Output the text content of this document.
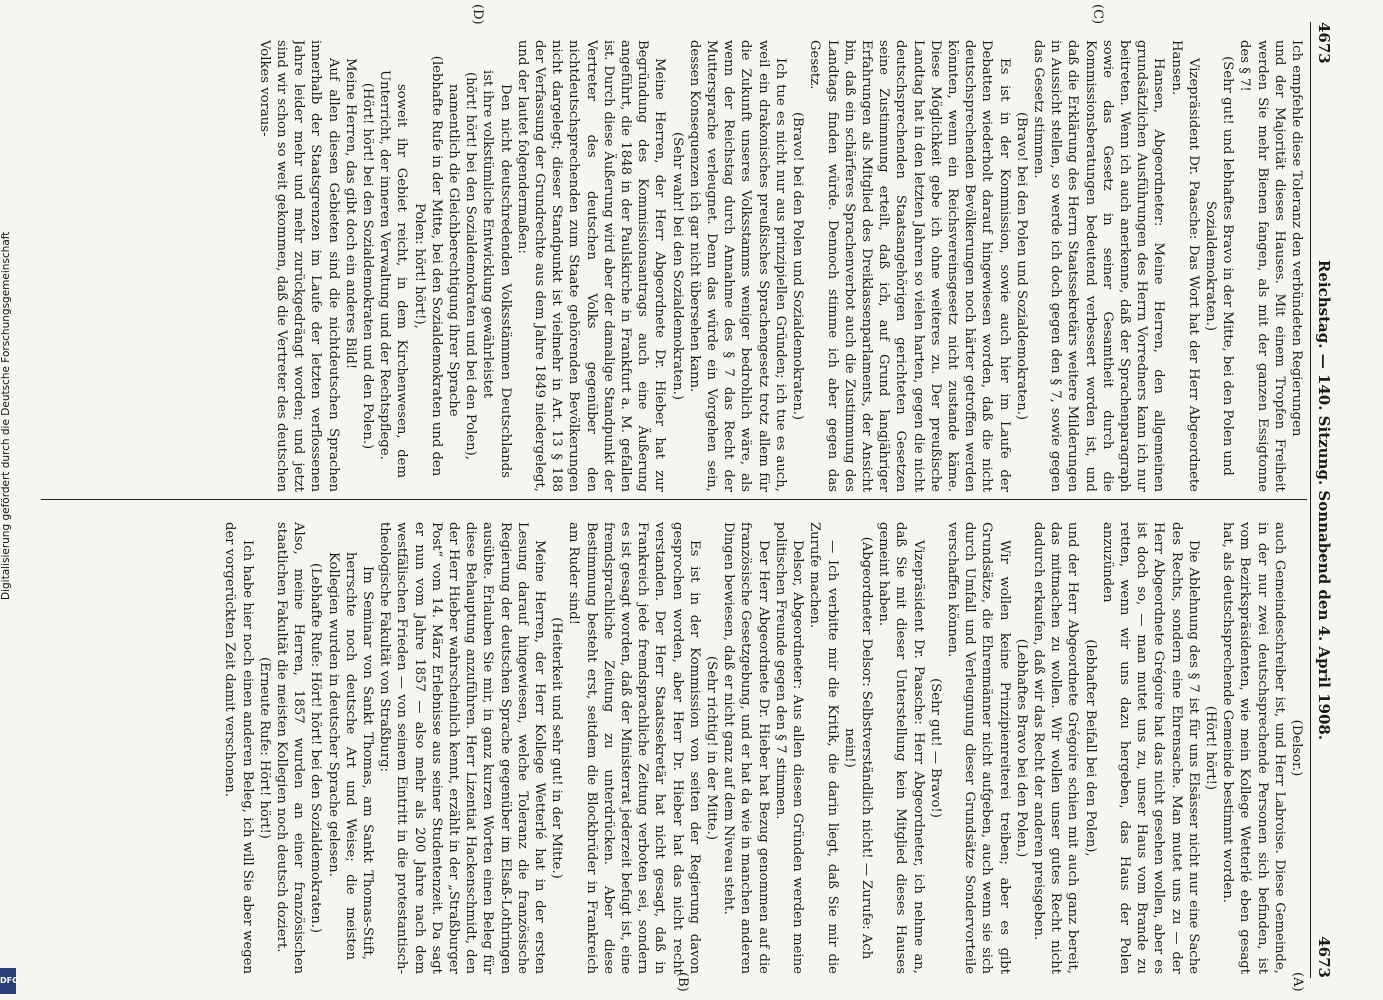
4673
Reichstag. — 140. Sitzung. Sonnabend den 4. April 1908.
4673
(C)
(D)
(A)
(B)

Ich empfehle diese Toleranz den verbündeten Regierungen

und der Majorität dieses Hauses. Mit einem Tropfen Freiheit werden Sie mehr Bienen fangen, als mit der ganzen Essigtonne des § 7!

(Sehr gut! und lebhaftes Bravo in der Mitte, bei den Polen und Sozialdemokraten.)

Vizepräsident Dr. Paasche: Das Wort hat der Herr Abgeordnete Hansen.

Hansen, Abgeordneter: Meine Herren, den allgemeinen grundsätzlichen Ausführungen des Herrn Vorredners kann ich nur beitreten. Wenn ich auch anerkenne, daß der Sprachenparagraph sowie das Gesetz in seiner Gesamtheit durch die Kommissionsberatungen bedeutend verbessert worden ist, und daß die Erklärung des Herrn Staatssekretärs weitere Milderungen in Aussicht stellen, so werde ich doch gegen den § 7, sowie gegen das Gesetz stimmen.

(Bravo! bei den Polen und Sozialdemokraten.)

Es ist in der Kommission, sowie auch hier im Laufe der Debatten wiederholt darauf hingewiesen worden, daß die nicht deutschsprechenden Bevölkerungen noch härter getroffen werden könnten, wenn ein Reichsvereinsgesetz nicht zustande käme. Diese Möglichkeit gebe ich ohne weiteres zu. Der preußische Landtag hat in den letzten Jahren so vielen harten, gegen die nicht deutschsprechenden Staatsangehörigen gerichteten Gesetzen seine Zustimmung erteilt, daß ich, auf Grund langjähriger Erfahrungen als Mitglied des Dreiklassenparlaments, der Ansicht bin, daß ein schärferes Sprachenverbot auch die Zustimmung des Landtags finden würde. Dennoch stimme ich aber gegen das Gesetz.

(Bravo! bei den Polen und Sozialdemokraten.)

Ich tue es nicht nur aus prinzipiellen Gründen; ich tue es auch, weil ein drakonisches preußisches Sprachengesetz trotz allem für die Zukunft unseres Volksstamms weniger bedrohlich wäre, als wenn der Reichstag durch Annahme des § 7 das Recht der Muttersprache verleugnet. Denn das würde ein Vorgehen sein, dessen Konsequenzen ich gar nicht übersehen kann.

(Sehr wahr! bei den Sozialdemokraten.)

Meine Herren, der Herr Abgeordnete Dr. Hieber hat zur Begründung des Kommissionsantrags auch eine Äußerung angeführt, die 1848 in der Paulskirche in Frankfurt a. M. gefallen ist. Durch diese Äußerung wird aber der damalige Standpunkt der Vertreter des deutschen Volks gegenüber den nichtdeutschsprechenden zum Staate gehörenden Bevölkerungen nicht dargelegt; dieser Standpunkt ist vielmehr in Art. 13 § 188 der Verfassung der Grundrechte aus dem Jahre 1849 niedergelegt, und der lautet folgendermaßen:

Den nicht deutschredenden Volksstämmen Deutschlands ist ihre volkstümliche Entwicklung gewährleistet

(hört! hört! bei den Sozialdemokraten und bei den Polen),

namentlich die Gleichberechtigung ihrer Sprache

(lebhafte Rufe in der Mitte, bei den Sozialdemokraten und den Polen: hört! hört!),

soweit ihr Gebiet reicht, in dem Kirchenwesen, dem Unterricht, der inneren Verwaltung und der Rechtspflege.

(Hört! hört! bei den Sozialdemokraten und den Polen.)

Meine Herren, das gibt doch ein anderes Bild!

Auf allen diesen Gebieten sind die nichtdeutschen Sprachen innerhalb der Staatsgrenzen im Laufe der letzten verflossenen Jahre leider mehr und mehr zurückgedrängt worden; und jetzt sind wir schon so weit gekommen, daß die Vertreter des deutschen Volkes voraus-

(Delsor.)

auch Gemeindeschreiber ist, und Herr Labroise. Diese Gemeinde, in der nur zwei deutschsprechende Personen sich befinden, ist vom Bezirkspräsidenten, wie mein Kollege Wetterlé eben gesagt hat, als deutschsprechende Gemeinde bestimmt worden.

(Hört! hört!)

Die Ablehnung des § 7 ist für uns Elsässer nicht nur eine Sache des Rechts, sondern eine Ehrensache. Man mutet uns zu — der Herr Abgeordnete Grégoire hat das nicht gesehen wollen, aber es ist doch so, — man mutet uns zu, unser Haus vom Brande zu retten, wenn wir uns dazu hergeben, das Haus der Polen anzuzünden

(lebhafter Beifall bei den Polen),

und der Herr Abgeordnete Grégoire schien mit auch ganz bereit, das mitmachen zu wollen. Wir wollen unser gutes Recht nicht dadurch erkaufen, daß wir das Recht der anderen preisgeben.

(Lebhaftes Bravo bei den Polen.)

Wir wollen keine Prinzipienreiterei treiben; aber es gibt Grundsätze, die Ehrenmänner nicht aufgeben, auch wenn sie sich durch Umfall und Verleugnung dieser Grundsätze Sondervorteile verschaffen können.

(Sehr gut! — Bravo!)

Vizepräsident Dr. Paasche: Herr Abgeordneter, ich nehme an, daß Sie mit dieser Unterstellung kein Mitglied dieses Hauses gemeint haben.

(Abgeordneter Delsor: Selbstverständlich nicht! — Zurufe: Ach nein!)

— Ich verbitte mir die Kritik, die darin liegt, daß Sie mir die Zurufe machen.

Delsor, Abgeordneter: Aus allen diesen Gründen werden meine politischen Freunde gegen den § 7 stimmen.

Der Herr Abgeordnete Dr. Hieber hat Bezug genommen auf die französische Gesetzgebung, und er hat da wie in manchen anderen Dingen bewiesen, daß er nicht ganz auf dem Niveau steht.

(Sehr richtig! in der Mitte.)

Es ist in der Kommission von seiten der Regierung davon gesprochen worden, aber Herr Dr. Hieber hat das nicht recht verstanden. Der Herr Staatssekretär hat nicht gesagt, daß in Frankreich jede fremdsprachliche Zeitung verboten sei, sondern es ist gesagt worden, daß der Ministerrat jederzeit befugt ist, eine fremdsprachliche Zeitung zu unterdrücken. Aber diese Bestimmung besteht erst, seitdem die Blockbrüder in Frankreich am Ruder sind!

(Heiterkeit und sehr gut! in der Mitte.)

Meine Herren, der Herr Kollege Wetterlé hat in der ersten Lesung darauf hingewiesen, welche Toleranz die französische Regierung der deutschen Sprache gegenüber im Elsaß-Lothringen ausübte. Erlauben Sie mir, in ganz kurzen Worten einen Beleg für diese Behauptung anzuführen. Herr Lizentiat Hackenschmidt, den der Herr Hieber wahrscheinlich kennt, erzählt in der „Straßburger Post“ vom 14. März Erlebnisse aus seiner Studentenzeit. Da sagt er nun vom Jahre 1857 — also mehr als 200 Jahre nach dem westfälischen Frieden — von seinem Eintritt in die protestantisch-theologische Fakultät von Straßburg:

Im Seminar von Sankt Thomas, am Sankt Thomas-Stift, herrschte noch deutsche Art und Weise; die meisten Kollegien wurden in deutscher Sprache gelesen.

(Lebhafte Rufe: Hört! hört! bei den Sozialdemokraten.)

Also, meine Herren, 1857 wurden an einer französischen staatlichen Fakultät die meisten Kollegien noch deutsch doziert.

(Erneute Rufe: Hört! hört!)

Ich habe hier noch einen anderen Beleg, ich will Sie aber wegen der vorgerückten Zeit damit verschonen.

Digitalisierung gefördert durch die Deutsche Forschungsgemeinschaft
DFG
